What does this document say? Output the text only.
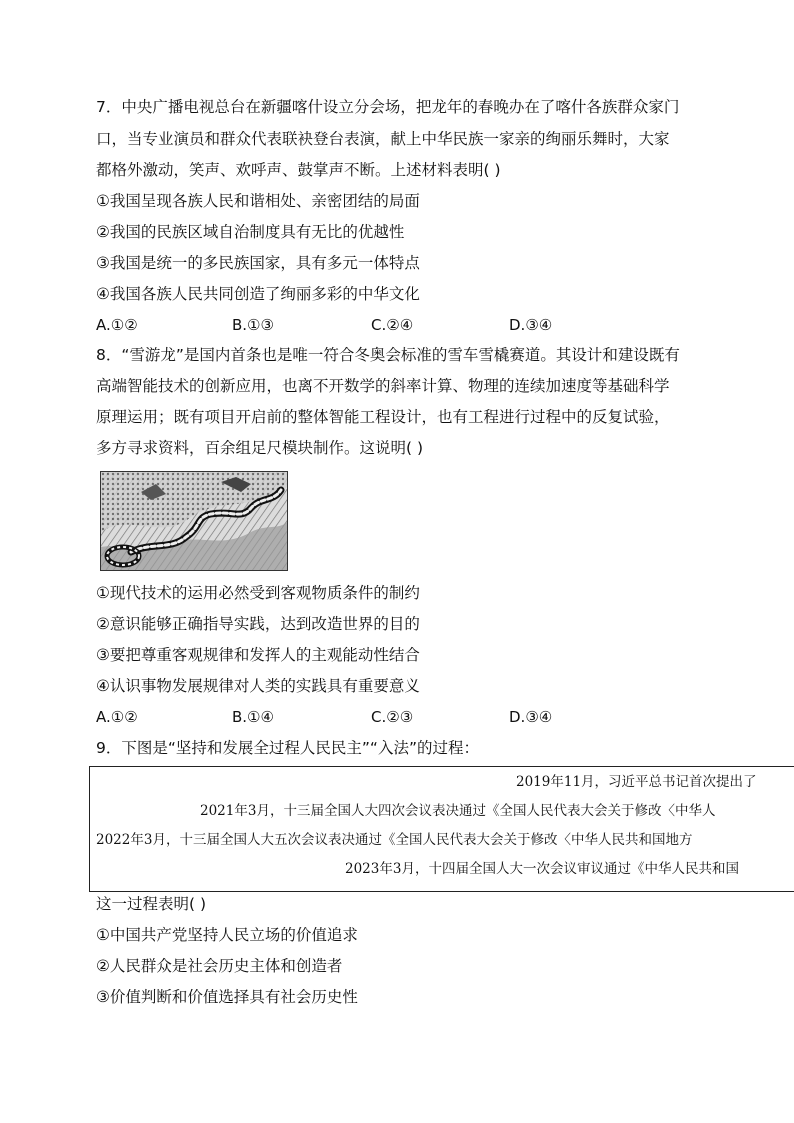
7．中央广播电视总台在新疆喀什设立分会场，把龙年的春晚办在了喀什各族群众家门
口，当专业演员和群众代表联袂登台表演，献上中华民族一家亲的绚丽乐舞时，大家
都格外激动，笑声、欢呼声、鼓掌声不断。上述材料表明( )
①我国呈现各族人民和谐相处、亲密团结的局面
②我国的民族区域自治制度具有无比的优越性
③我国是统一的多民族国家，具有多元一体特点
④我国各族人民共同创造了绚丽多彩的中华文化
A.①②	B.①③	C.②④	D.③④
8．“雪游龙”是国内首条也是唯一符合冬奥会标准的雪车雪橇赛道。其设计和建设既有
高端智能技术的创新应用，也离不开数学的斜率计算、物理的连续加速度等基础科学
原理运用；既有项目开启前的整体智能工程设计，也有工程进行过程中的反复试验，
多方寻求资料，百余组足尺模块制作。这说明( )
①现代技术的运用必然受到客观物质条件的制约
②意识能够正确指导实践，达到改造世界的目的
③要把尊重客观规律和发挥人的主观能动性结合
④认识事物发展规律对人类的实践具有重要意义
A.①②	B.①④	C.②③	D.③④
9．下图是“坚持和发展全过程人民民主”“入法”的过程：
2019年11月，习近平总书记首次提出了
2021年3月，十三届全国人大四次会议表决通过《全国人民代表大会关于修改〈中华人
2022年3月，十三届全国人大五次会议表决通过《全国人民代表大会关于修改〈中华人民共和国地方
2023年3月，十四届全国人大一次会议审议通过《中华人民共和国
这一过程表明( )
①中国共产党坚持人民立场的价值追求
②人民群众是社会历史主体和创造者
③价值判断和价值选择具有社会历史性
